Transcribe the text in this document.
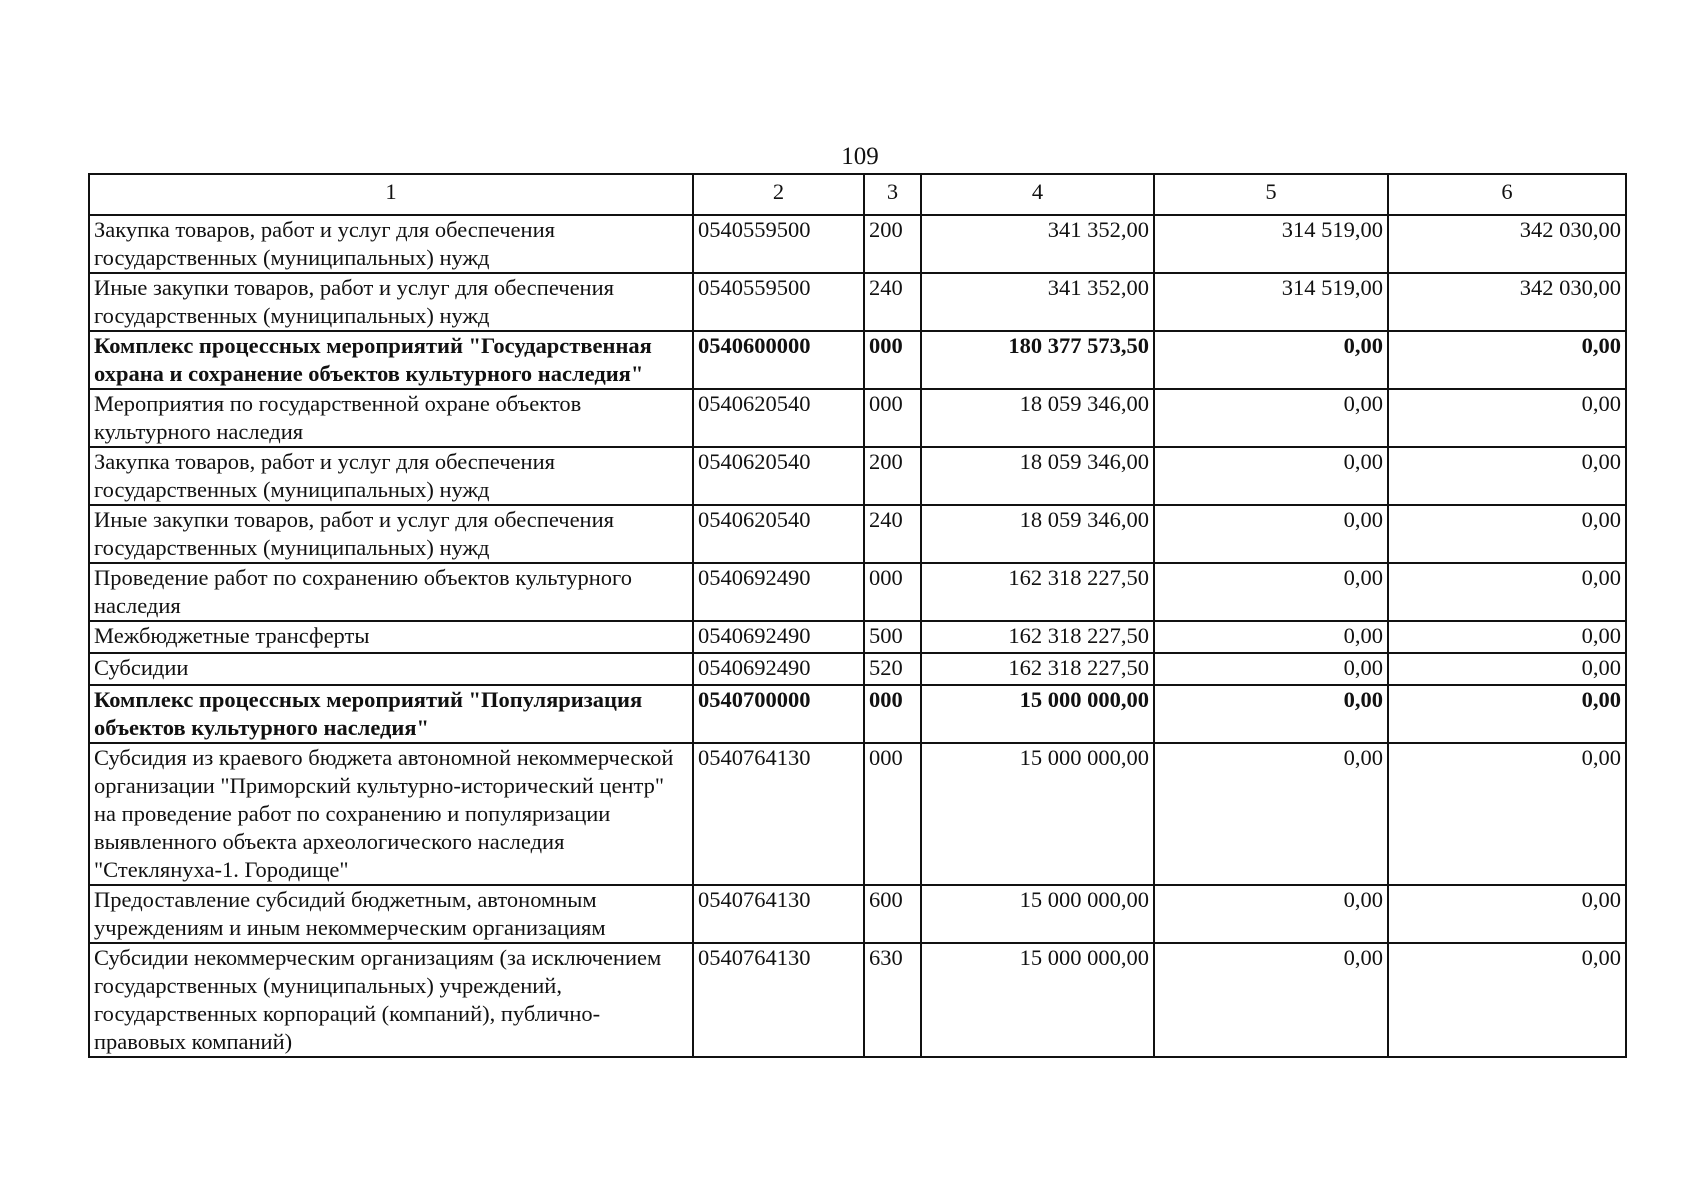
109
1	2	3	4	5	6
Закупка товаров, работ и услуг для обеспечения государственных (муниципальных) нужд	0540559500	200	341 352,00	314 519,00	342 030,00
Иные закупки товаров, работ и услуг для обеспечения государственных (муниципальных) нужд	0540559500	240	341 352,00	314 519,00	342 030,00
Комплекс процессных мероприятий "Государственная охрана и сохранение объектов культурного наследия"	0540600000	000	180 377 573,50	0,00	0,00
Мероприятия по государственной охране объектов культурного наследия	0540620540	000	18 059 346,00	0,00	0,00
Закупка товаров, работ и услуг для обеспечения государственных (муниципальных) нужд	0540620540	200	18 059 346,00	0,00	0,00
Иные закупки товаров, работ и услуг для обеспечения государственных (муниципальных) нужд	0540620540	240	18 059 346,00	0,00	0,00
Проведение работ по сохранению объектов культурного наследия	0540692490	000	162 318 227,50	0,00	0,00
Межбюджетные трансферты	0540692490	500	162 318 227,50	0,00	0,00
Субсидии	0540692490	520	162 318 227,50	0,00	0,00
Комплекс процессных мероприятий "Популяризация объектов культурного наследия"	0540700000	000	15 000 000,00	0,00	0,00
Субсидия из краевого бюджета автономной некоммерческой организации "Приморский культурно-исторический центр" на проведение работ по сохранению и популяризации выявленного объекта археологического наследия "Стеклянуха-1. Городище"	0540764130	000	15 000 000,00	0,00	0,00
Предоставление субсидий бюджетным, автономным учреждениям и иным некоммерческим организациям	0540764130	600	15 000 000,00	0,00	0,00
Субсидии некоммерческим организациям (за исключением государственных (муниципальных) учреждений, государственных корпораций (компаний), публично-правовых компаний)	0540764130	630	15 000 000,00	0,00	0,00
